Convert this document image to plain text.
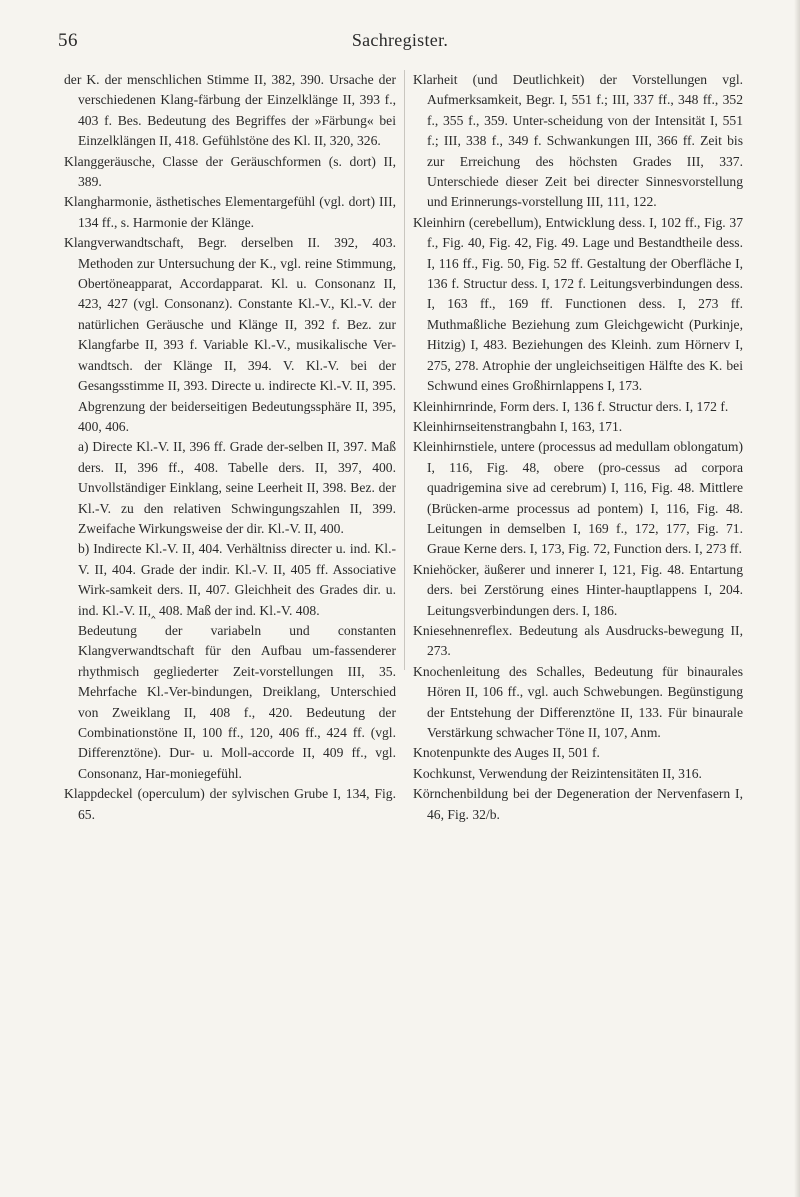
56	Sachregister.

der K. der menschlichen Stimme II, 382, 390. Ursache der verschiedenen Klang-färbung der Einzelklänge II, 393 f., 403 f. Bes. Bedeutung des Begriffes der »Färbung« bei Einzelklängen II, 418. Gefühlstöne des Kl. II, 320, 326.

Klanggeräusche, Classe der Geräuschformen (s. dort) II, 389.

Klangharmonie, ästhetisches Elementargefühl (vgl. dort) III, 134 ff., s. Harmonie der Klänge.

Klangverwandtschaft, Begr. derselben II. 392, 403. Methoden zur Untersuchung der K., vgl. reine Stimmung, Obertöneapparat, Accordapparat. Kl. u. Consonanz II, 423, 427 (vgl. Consonanz). Constante Kl.-V., Kl.-V. der natürlichen Geräusche und Klänge II, 392 f. Bez. zur Klangfarbe II, 393 f. Variable Kl.-V., musikalische Ver-wandtsch. der Klänge II, 394. V. Kl.-V. bei der Gesangsstimme II, 393. Directe u. indirecte Kl.-V. II, 395. Abgrenzung der beiderseitigen Bedeutungssphäre II, 395, 400, 406.

a) Directe Kl.-V. II, 396 ff. Grade der-selben II, 397. Maß ders. II, 396 ff., 408. Tabelle ders. II, 397, 400. Unvollständiger Einklang, seine Leerheit II, 398. Bez. der Kl.-V. zu den relativen Schwingungszahlen II, 399. Zweifache Wirkungsweise der dir. Kl.-V. II, 400.

b) Indirecte Kl.-V. II, 404. Verhältniss directer u. ind. Kl.-V. II, 404. Grade der indir. Kl.-V. II, 405 ff. Associative Wirk-samkeit ders. II, 407. Gleichheit des Grades dir. u. ind. Kl.-V. II,‸ 408. Maß der ind. Kl.-V. 408.

Bedeutung der variabeln und constanten Klangverwandtschaft für den Aufbau um-fassenderer rhythmisch gegliederter Zeit-vorstellungen III, 35. Mehrfache Kl.-Ver-bindungen, Dreiklang, Unterschied von Zweiklang II, 408 f., 420. Bedeutung der Combinationstöne II, 100 ff., 120, 406 ff., 424 ff. (vgl. Differenztöne). Dur- u. Moll-accorde II, 409 ff., vgl. Consonanz, Har-moniegefühl.

Klappdeckel (operculum) der sylvischen Grube I, 134, Fig. 65.

Klarheit (und Deutlichkeit) der Vorstellungen vgl. Aufmerksamkeit, Begr. I, 551 f.; III, 337 ff., 348 ff., 352 f., 355 f., 359. Unter-scheidung von der Intensität I, 551 f.; III, 338 f., 349 f. Schwankungen III, 366 ff. Zeit bis zur Erreichung des höchsten Grades III, 337. Unterschiede dieser Zeit bei directer Sinnesvorstellung und Erinnerungs-vorstellung III, 111, 122.

Kleinhirn (cerebellum), Entwicklung dess. I, 102 ff., Fig. 37 f., Fig. 40, Fig. 42, Fig. 49. Lage und Bestandtheile dess. I, 116 ff., Fig. 50, Fig. 52 ff. Gestaltung der Oberfläche I, 136 f. Structur dess. I, 172 f. Leitungsverbindungen dess. I, 163 ff., 169 ff. Functionen dess. I, 273 ff. Muthmaßliche Beziehung zum Gleichgewicht (Purkinje, Hitzig) I, 483. Beziehungen des Kleinh. zum Hörnerv I, 275, 278. Atrophie der ungleichseitigen Hälfte des K. bei Schwund eines Großhirnlappens I, 173.

Kleinhirnrinde, Form ders. I, 136 f. Structur ders. I, 172 f.

Kleinhirnseitenstrangbahn I, 163, 171.

Kleinhirnstiele, untere (processus ad medullam oblongatum) I, 116, Fig. 48, obere (pro-cessus ad corpora quadrigemina sive ad cerebrum) I, 116, Fig. 48. Mittlere (Brücken-arme processus ad pontem) I, 116, Fig. 48. Leitungen in demselben I, 169 f., 172, 177, Fig. 71. Graue Kerne ders. I, 173, Fig. 72, Function ders. I, 273 ff.

Kniehöcker, äußerer und innerer I, 121, Fig. 48. Entartung ders. bei Zerstörung eines Hinter-hauptlappens I, 204. Leitungsverbindungen ders. I, 186.

Kniesehnenreflex. Bedeutung als Ausdrucks-bewegung II, 273.

Knochenleitung des Schalles, Bedeutung für binaurales Hören II, 106 ff., vgl. auch Schwebungen. Begünstigung der Entstehung der Differenztöne II, 133. Für binaurale Verstärkung schwacher Töne II, 107, Anm.

Knotenpunkte des Auges II, 501 f.

Kochkunst, Verwendung der Reizintensitäten II, 316.

Körnchenbildung bei der Degeneration der Nervenfasern I, 46, Fig. 32/b.
